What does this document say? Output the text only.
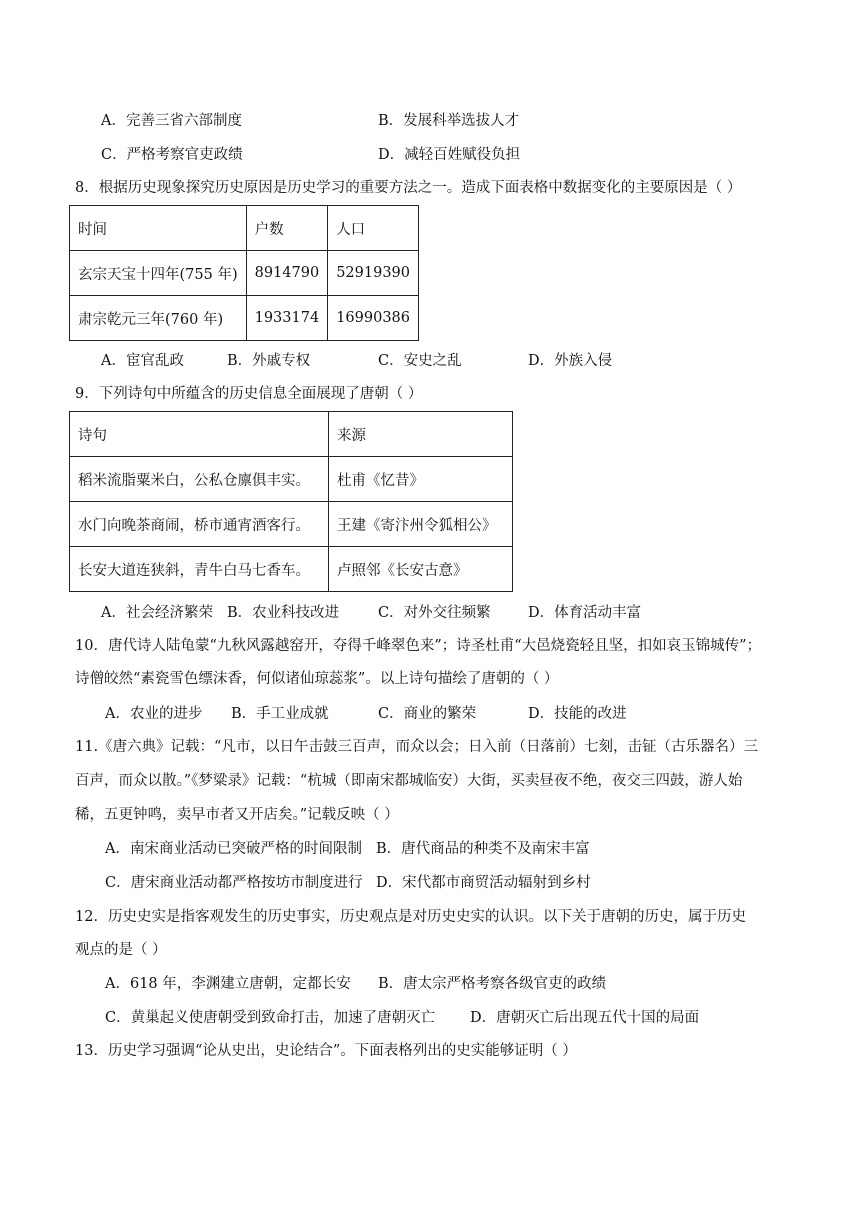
A．完善三省六部制度	B．发展科举选拔人才
C．严格考察官吏政绩	D．减轻百姓赋役负担
8．根据历史现象探究历史原因是历史学习的重要方法之一。造成下面表格中数据变化的主要原因是（ ）
时间	户数	人口
玄宗天宝十四年(755 年)	8914790	52919390
肃宗乾元三年(760 年)	1933174	16990386
A．宦官乱政	B．外戚专权	C．安史之乱	D．外族入侵
9．下列诗句中所蕴含的历史信息全面展现了唐朝（ ）
诗句	来源
稻米流脂粟米白，公私仓廪俱丰实。	杜甫《忆昔》
水门向晚茶商闹，桥市通宵酒客行。	王建《寄汴州令狐相公》
长安大道连狭斜，青牛白马七香车。	卢照邻《长安古意》
A．社会经济繁荣 B．农业科技改进	C．对外交往频繁	D．体育活动丰富
10．唐代诗人陆龟蒙“九秋风露越窑开，夺得千峰翠色来”；诗圣杜甫“大邑烧瓷轻且坚，扣如哀玉锦城传”；
诗僧皎然“素瓷雪色缥沫香，何似诸仙琼蕊浆”。以上诗句描绘了唐朝的（ ）
A．农业的进步 B．手工业成就	C．商业的繁荣	D．技能的改进
11.《唐六典》记载：“凡市，以日午击鼓三百声，而众以会；日入前（日落前）七刻，击钲（古乐器名）三
百声，而众以散。”《梦粱录》记载：“杭城（即南宋都城临安）大街，买卖昼夜不绝，夜交三四鼓，游人始
稀，五更钟鸣，卖早市者又开店矣。”记载反映（ ）
A．南宋商业活动已突破严格的时间限制 B．唐代商品的种类不及南宋丰富
C．唐宋商业活动都严格按坊市制度进行 D．宋代都市商贸活动辐射到乡村
12．历史史实是指客观发生的历史事实，历史观点是对历史史实的认识。以下关于唐朝的历史，属于历史
观点的是（ ）
A．618 年，李渊建立唐朝，定都长安 B．唐太宗严格考察各级官吏的政绩
C．黄巢起义使唐朝受到致命打击，加速了唐朝灭亡 D．唐朝灭亡后出现五代十国的局面
13．历史学习强调“论从史出，史论结合”。下面表格列出的史实能够证明（ ）
